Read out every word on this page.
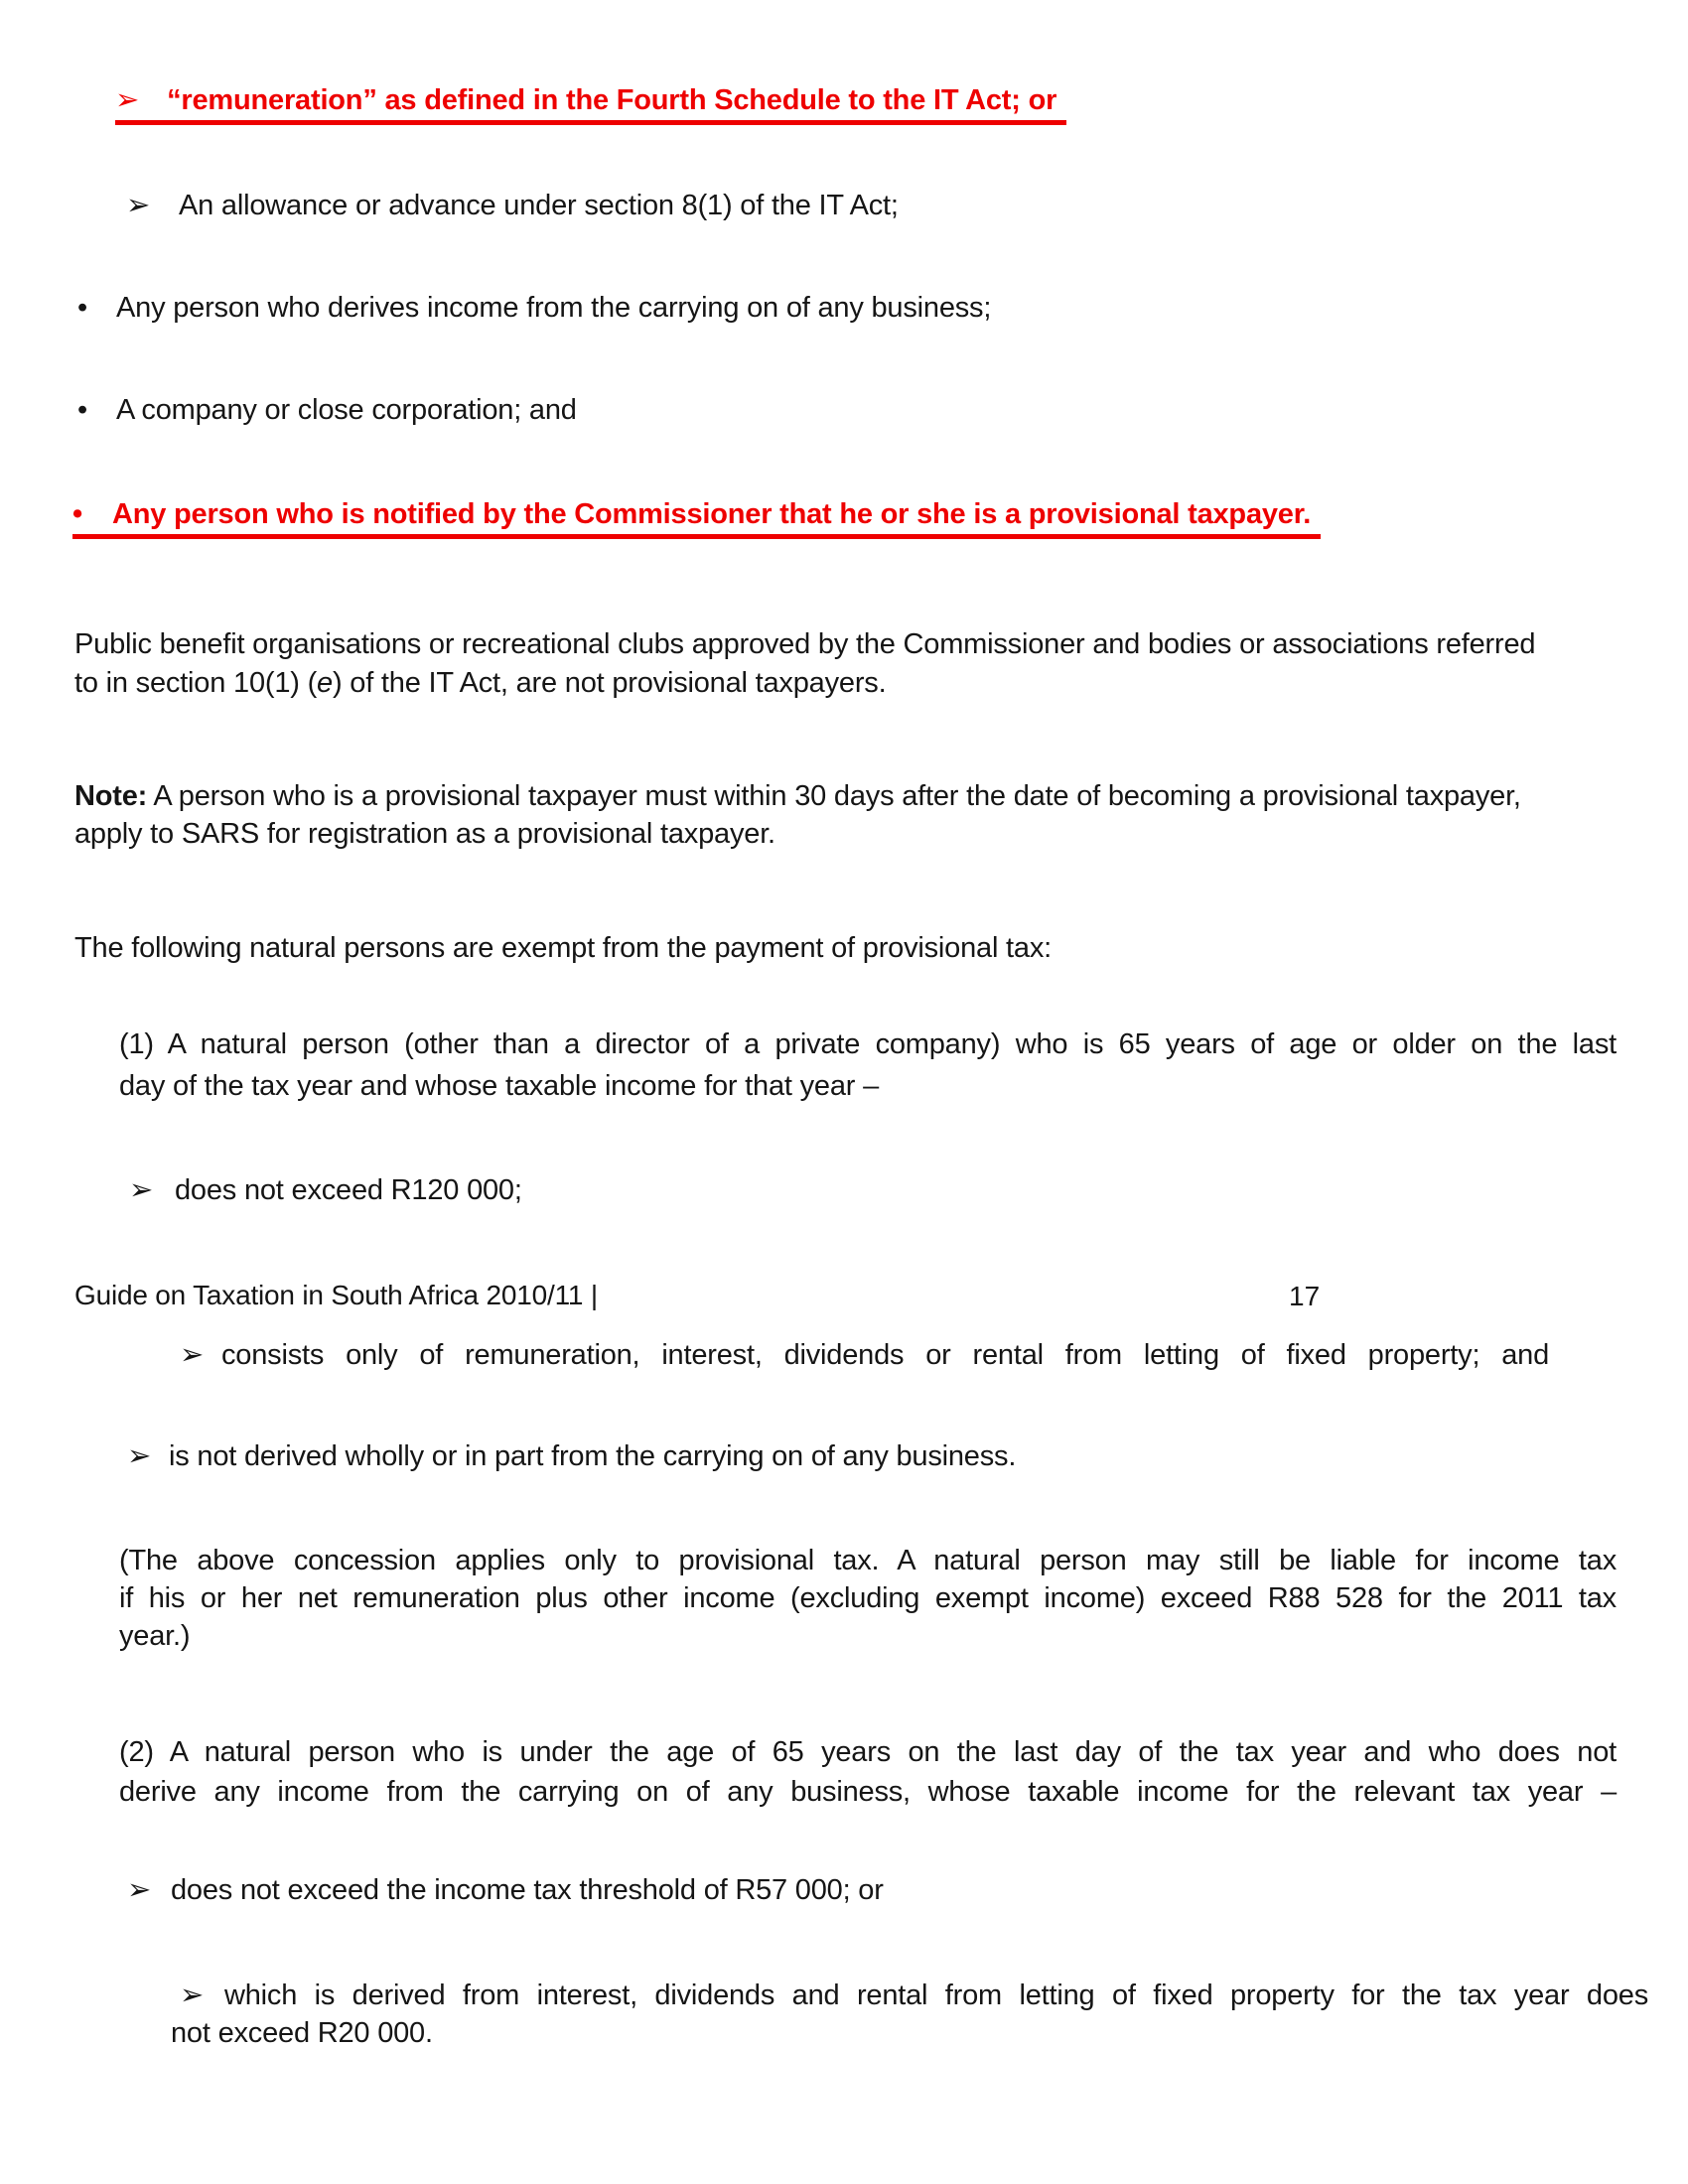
➢ “remuneration” as defined in the Fourth Schedule to the IT Act; or
➢ An allowance or advance under section 8(1) of the IT Act;
• Any person who derives income from the carrying on of any business;
• A company or close corporation; and
• Any person who is notified by the Commissioner that he or she is a provisional taxpayer.
Public benefit organisations or recreational clubs approved by the Commissioner and bodies or associations referred
to in section 10(1) (e) of the IT Act, are not provisional taxpayers.
Note: A person who is a provisional taxpayer must within 30 days after the date of becoming a provisional taxpayer,
apply to SARS for registration as a provisional taxpayer.
The following natural persons are exempt from the payment of provisional tax:
(1) A natural person (other than a director of a private company) who is 65 years of age or older on the last
day of the tax year and whose taxable income for that year –
➢ does not exceed R120 000;
➢ consists only of remuneration, interest, dividends or rental from letting of fixed property; and
➢ is not derived wholly or in part from the carrying on of any business.
(The above concession applies only to provisional tax. A natural person may still be liable for income tax
if his or her net remuneration plus other income (excluding exempt income) exceed R88 528 for the 2011 tax
year.)
(2) A natural person who is under the age of 65 years on the last day of the tax year and who does not
derive any income from the carrying on of any business, whose taxable income for the relevant tax year –
➢ does not exceed the income tax threshold of R57 000; or
➢ which is derived from interest, dividends and rental from letting of fixed property for the tax year does
not exceed R20 000.
Guide on Taxation in South Africa 2010/11 |	17
